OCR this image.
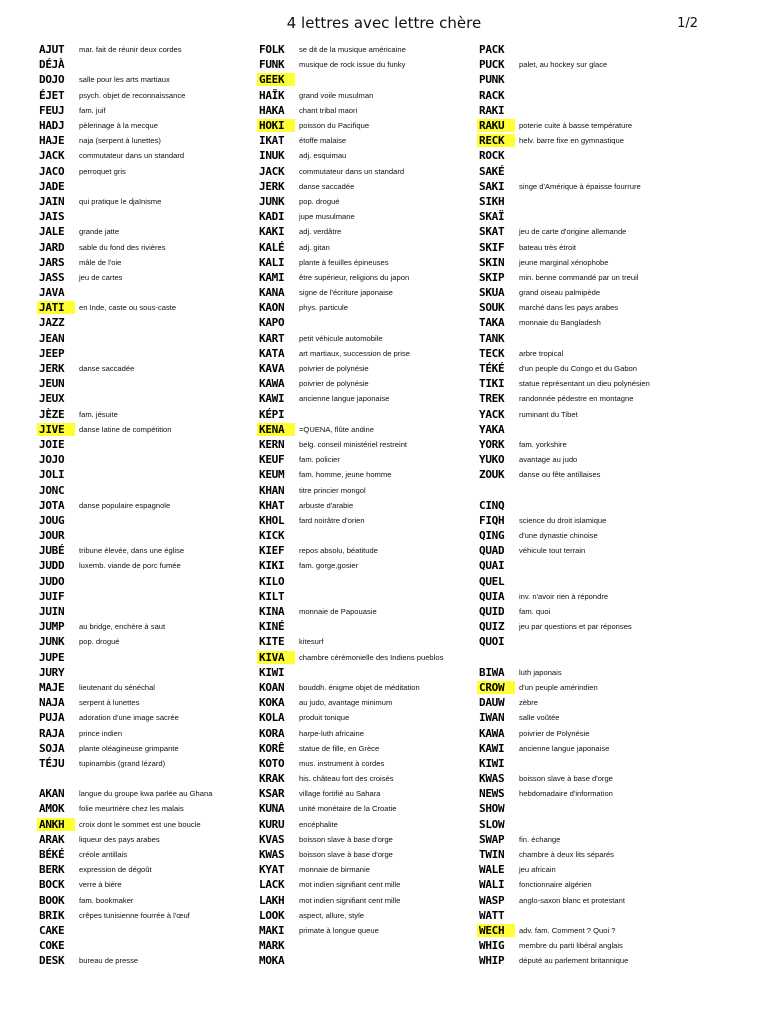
4 lettres avec lettre chère	1/2
AJUT	mar. fait de réunir deux cordes
DÉJÀ
DOJO	salle pour les arts martiaux
ÉJET	psych. objet de reconnaissance
FEUJ	fam. juif
HADJ	pèlerinage à la mecque
HAJE	naja (serpent à lunettes)
JACK	commutateur dans un standard
JACO	perroquet gris
JADE
JAIN	qui pratique le djaïnisme
JAIS
JALE	grande jatte
JARD	sable du fond des rivières
JARS	mâle de l'oie
JASS	jeu de cartes
JAVA
JATI	en Inde, caste ou sous-caste
JAZZ
JEAN
JEEP
JERK	danse saccadée
JEUN
JEUX
JÈZE	fam. jésuite
JIVE	danse latine de compétition
JOIE
JOJO
JOLI
JONC
JOTA	danse populaire espagnole
JOUG
JOUR
JUBÉ	tribune élevée, dans une église
JUDD	luxemb. viande de porc fumée
JUDO
JUIF
JUIN
JUMP	au bridge, enchère à saut
JUNK	pop. drogué
JUPE
JURY
MAJE	lieutenant du sénéchal
NAJA	serpent à lunettes
PUJA	adoration d'une image sacrée
RAJA	prince indien
SOJA	plante oléagineuse grimpante
TÉJU	tupinambis (grand lézard)
AKAN	langue du groupe kwa parlée au Ghana
AMOK	folie meurtrière chez les malais
ANKH	croix dont le sommet est une boucle
ARAK	liqueur des pays arabes
BÉKÉ	créole antillais
BERK	expression de dégoût
BOCK	verre à bière
BOOK	fam. bookmaker
BRIK	crêpes tunisienne fourrée à l'œuf
CAKE
COKE
DESK	bureau de presse
FOLK	se dit de la musique américaine
FUNK	musique de rock issue du funky
GEEK
HAÏK	grand voile musulman
HAKA	chant tribal maori
HOKI	poisson du Pacifique
IKAT	étoffe malaise
INUK	adj. esquimau
JACK	commutateur dans un standard
JERK	danse saccadée
JUNK	pop. drogué
KADI	jupe musulmane
KAKI	adj. verdâtre
KALÉ	adj. gitan
KALI	plante à feuilles épineuses
KAMI	être supérieur, religions du japon
KANA	signe de l'écriture japonaise
KAON	phys. particule
KAPO
KART	petit véhicule automobile
KATA	art martiaux, succession de prise
KAVA	poivrier de polynésie
KAWA	poivrier de polynésie
KAWI	ancienne langue japonaise
KÉPI
KENA	=QUENA, flûte andine
KERN	belg. conseil ministériel restreint
KEUF	fam. policier
KEUM	fam. homme, jeune homme
KHAN	titre princier mongol
KHAT	arbuste d'arabie
KHOL	fard noirâtre d'orien
KICK
KIEF	repos absolu, béatitude
KIKI	fam. gorge,gosier
KILO
KILT
KINA	monnaie de Papouasie
KINÉ
KITE	kitesurf
KIVA	chambre cérémonielle des Indiens pueblos
KIWI
KOAN	bouddh. énigme objet de méditation
KOKA	au judo, avantage minimum
KOLA	produit tonique
KORA	harpe-luth africaine
KORÊ	statue de fille, en Grèce
KOTO	mus. instrument à cordes
KRAK	his. château fort des croisés
KSAR	village fortifié au Sahara
KUNA	unité monétaire de la Croatie
KURU	encéphalite
KVAS	boisson slave à base d'orge
KWAS	boisson slave à base d'orge
KYAT	monnaie de birmanie
LACK	mot indien signifiant cent mille
LAKH	mot indien signifiant cent mille
LOOK	aspect, allure, style
MAKI	primate à longue queue
MARK
MOKA
PACK
PUCK	palet, au hockey sur glace
PUNK
RACK
RAKI
RAKU	poterie cuite à basse température
RECK	helv. barre fixe en gymnastique
ROCK
SAKÉ
SAKI	singe d'Amérique à épaisse fourrure
SIKH
SKAÏ
SKAT	jeu de carte d'origine allemande
SKIF	bateau très étroit
SKIN	jeune marginal xénophobe
SKIP	min. benne commandé par un treuil
SKUA	grand oiseau palmipède
SOUK	marché dans les pays arabes
TAKA	monnaie du Bangladesh
TANK
TECK	arbre tropical
TÉKÉ	d'un peuple du Congo et du Gabon
TIKI	statue représentant un dieu polynésien
TREK	randonnée pédestre en montagne
YACK	ruminant du Tibet
YAKA
YORK	fam. yorkshire
YUKO	avantage au judo
ZOUK	danse ou fête antillaises
CINQ
FIQH	science du droit islamique
QING	d'une dynastie chinoise
QUAD	véhicule tout terrain
QUAI
QUEL
QUIA	inv. n'avoir rien à répondre
QUID	fam. quoi
QUIZ	jeu par questions et par réponses
QUOI
BIWA	luth japonais
CROW	d'un peuple amérindien
DAUW	zèbre
IWAN	salle voûtée
KAWA	poivrier de Polynésie
KAWI	ancienne langue japonaise
KIWI
KWAS	boisson slave à base d'orge
NEWS	hebdomadaire d'information
SHOW
SLOW
SWAP	fin. échange
TWIN	chambre à deux lits séparés
WALE	jeu africain
WALI	fonctionnaire algérien
WASP	anglo-saxon blanc et protestant
WATT
WECH	adv. fam. Comment ? Quoi ?
WHIG	membre du parti libéral anglais
WHIP	député au parlement britannique
